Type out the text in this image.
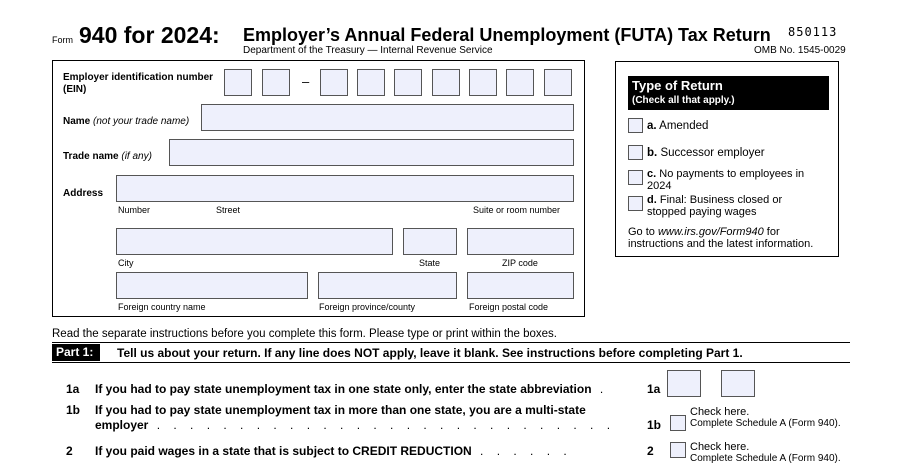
Form 940 for 2024: Employer’s Annual Federal Unemployment (FUTA) Tax Return
Department of the Treasury — Internal Revenue Service
850113
OMB No. 1545-0029
Employer identification number
(EIN)
–
Name (not your trade name)
Trade name (if any)
Address
Number	Street	Suite or room number
City	State	ZIP code
Foreign country name	Foreign province/county	Foreign postal code
Type of Return
(Check all that apply.)
a. Amended
b. Successor employer
c. No payments to employees in 2024
d. Final: Business closed or stopped paying wages
Go to www.irs.gov/Form940 for instructions and the latest information.
Read the separate instructions before you complete this form. Please type or print within the boxes.
Part 1:	Tell us about your return. If any line does NOT apply, leave it blank. See instructions before completing Part 1.
1a If you had to pay state unemployment tax in one state only, enter the state abbreviation .	1a
1b If you had to pay state unemployment tax in more than one state, you are a multi-state
employer . . . . . . . . . . . . . . . . . . . . . . . . . . . .	1b
Check here.
Complete Schedule A (Form 940).
2 If you paid wages in a state that is subject to CREDIT REDUCTION . . . . . .	2	Check here.
Complete Schedule A (Form 940).
